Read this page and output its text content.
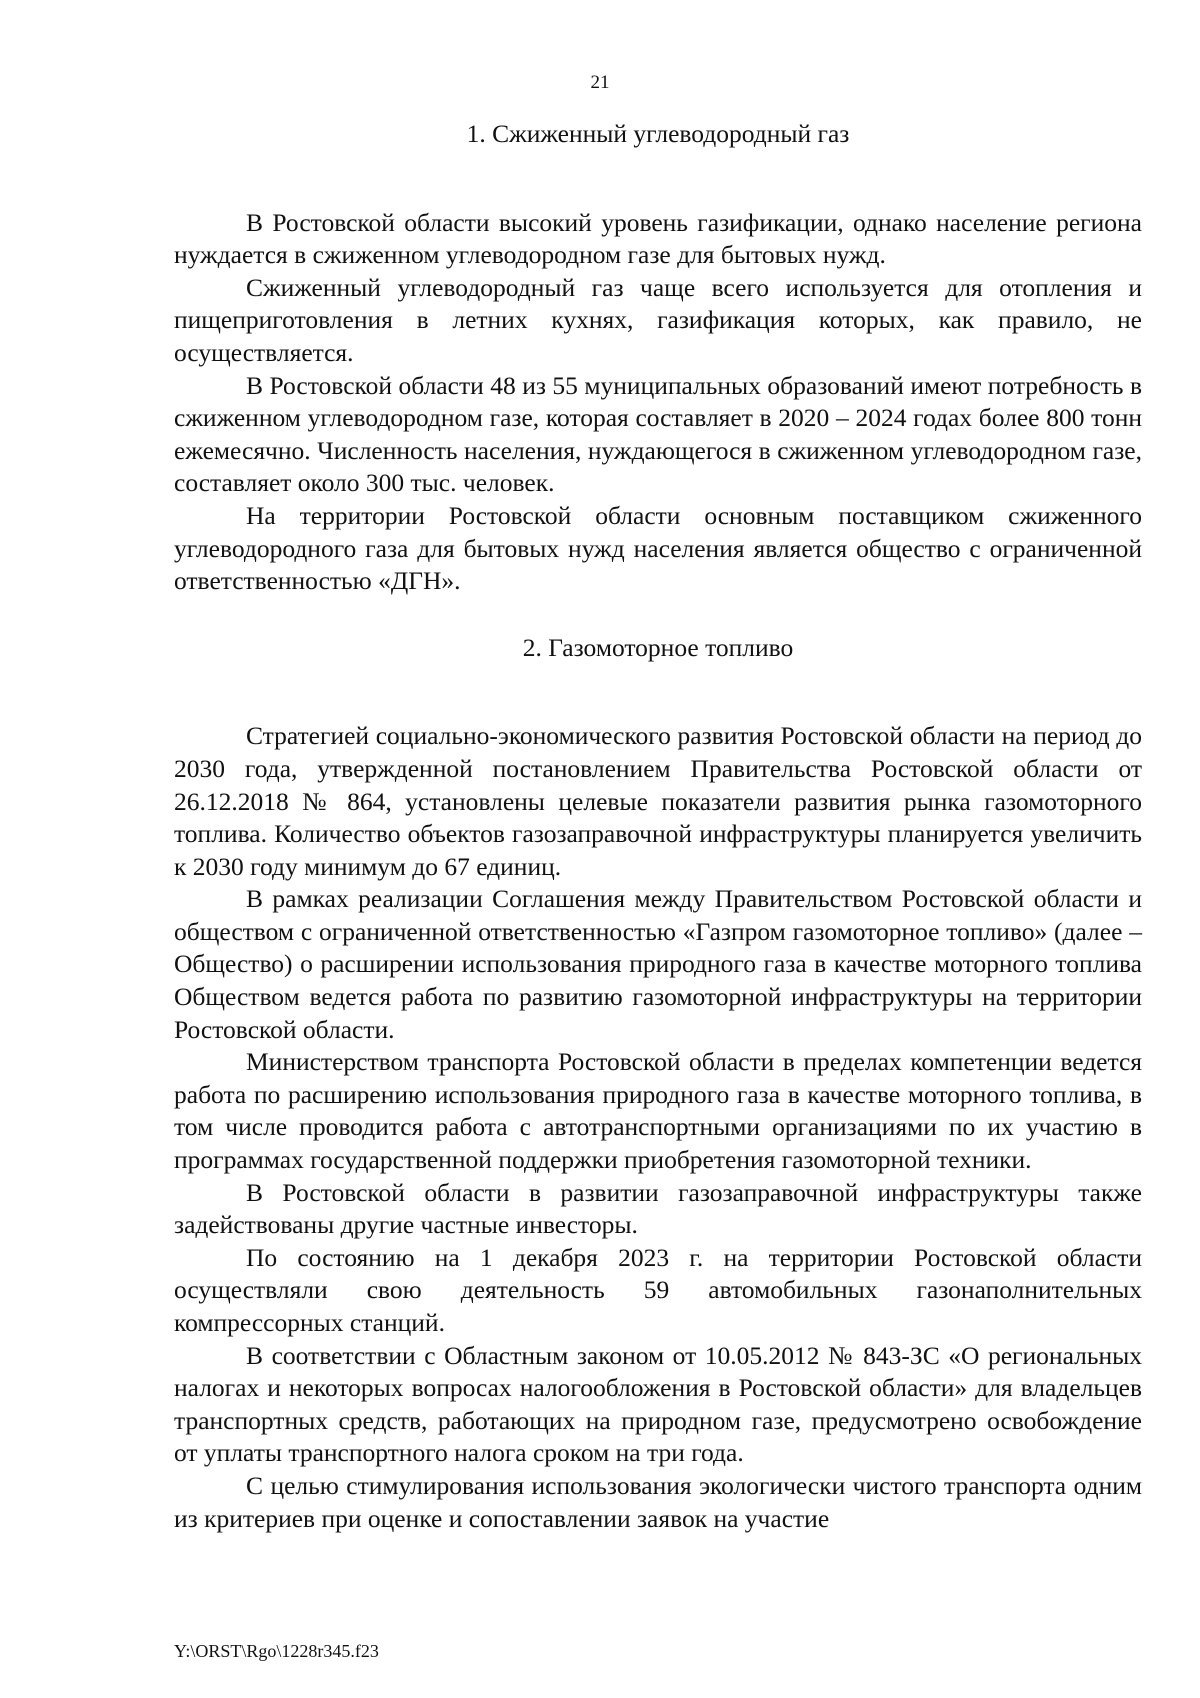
21
1. Сжиженный углеводородный газ

В Ростовской области высокий уровень газификации, однако население региона нуждается в сжиженном углеводородном газе для бытовых нужд.

Сжиженный углеводородный газ чаще всего используется для отопления и пищеприготовления в летних кухнях, газификация которых, как правило, не осуществляется.

В Ростовской области 48 из 55 муниципальных образований имеют потребность в сжиженном углеводородном газе, которая составляет в 2020 – 2024 годах более 800 тонн ежемесячно. Численность населения, нуждающегося в сжиженном углеводородном газе, составляет около 300 тыс. человек.

На территории Ростовской области основным поставщиком сжиженного углеводородного газа для бытовых нужд населения является общество с ограниченной ответственностью «ДГН».

2. Газомоторное топливо

Стратегией социально-экономического развития Ростовской области на период до 2030 года, утвержденной постановлением Правительства Ростовской области от 26.12.2018 № 864, установлены целевые показатели развития рынка газомоторного топлива. Количество объектов газозаправочной инфраструктуры планируется увеличить к 2030 году минимум до 67 единиц.

В рамках реализации Соглашения между Правительством Ростовской области и обществом с ограниченной ответственностью «Газпром газомоторное топливо» (далее – Общество) о расширении использования природного газа в качестве моторного топлива Обществом ведется работа по развитию газомоторной инфраструктуры на территории Ростовской области.

Министерством транспорта Ростовской области в пределах компетенции ведется работа по расширению использования природного газа в качестве моторного топлива, в том числе проводится работа с автотранспортными организациями по их участию в программах государственной поддержки приобретения газомоторной техники.

В Ростовской области в развитии газозаправочной инфраструктуры также задействованы другие частные инвесторы.

По состоянию на 1 декабря 2023 г. на территории Ростовской области осуществляли свою деятельность 59 автомобильных газонаполнительных компрессорных станций.

В соответствии с Областным законом от 10.05.2012 № 843-ЗС «О региональных налогах и некоторых вопросах налогообложения в Ростовской области» для владельцев транспортных средств, работающих на природном газе, предусмотрено освобождение от уплаты транспортного налога сроком на три года.

С целью стимулирования использования экологически чистого транспорта одним из критериев при оценке и сопоставлении заявок на участие

Y:\ORST\Rgo\1228r345.f23
